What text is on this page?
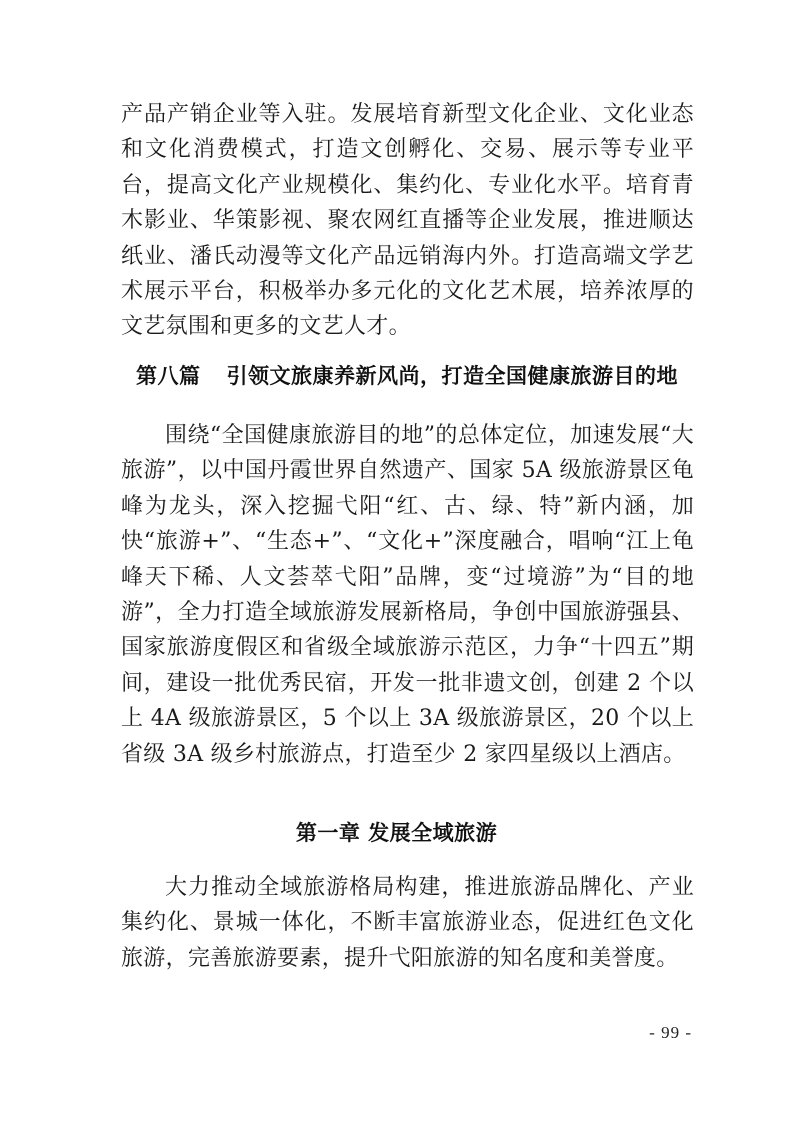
产品产销企业等入驻。发展培育新型文化企业、文化业态和文化消费模式，打造文创孵化、交易、展示等专业平台，提高文化产业规模化、集约化、专业化水平。培育青木影业、华策影视、聚农网红直播等企业发展，推进顺达纸业、潘氏动漫等文化产品远销海内外。打造高端文学艺术展示平台，积极举办多元化的文化艺术展，培养浓厚的文艺氛围和更多的文艺人才。
第八篇 引领文旅康养新风尚，打造全国健康旅游目的地
围绕“全国健康旅游目的地”的总体定位，加速发展“大旅游”，以中国丹霞世界自然遗产、国家 5A 级旅游景区龟峰为龙头，深入挖掘弋阳“红、古、绿、特”新内涵，加快“旅游+”、“生态+”、“文化+”深度融合，唱响“江上龟峰天下稀、人文荟萃弋阳”品牌，变“过境游”为“目的地游”，全力打造全域旅游发展新格局，争创中国旅游强县、国家旅游度假区和省级全域旅游示范区，力争“十四五”期间，建设一批优秀民宿，开发一批非遗文创，创建 2 个以上 4A 级旅游景区，5 个以上 3A 级旅游景区，20 个以上省级 3A 级乡村旅游点，打造至少 2 家四星级以上酒店。
第一章 发展全域旅游
大力推动全域旅游格局构建，推进旅游品牌化、产业集约化、景城一体化，不断丰富旅游业态，促进红色文化旅游，完善旅游要素，提升弋阳旅游的知名度和美誉度。
- 99 -
